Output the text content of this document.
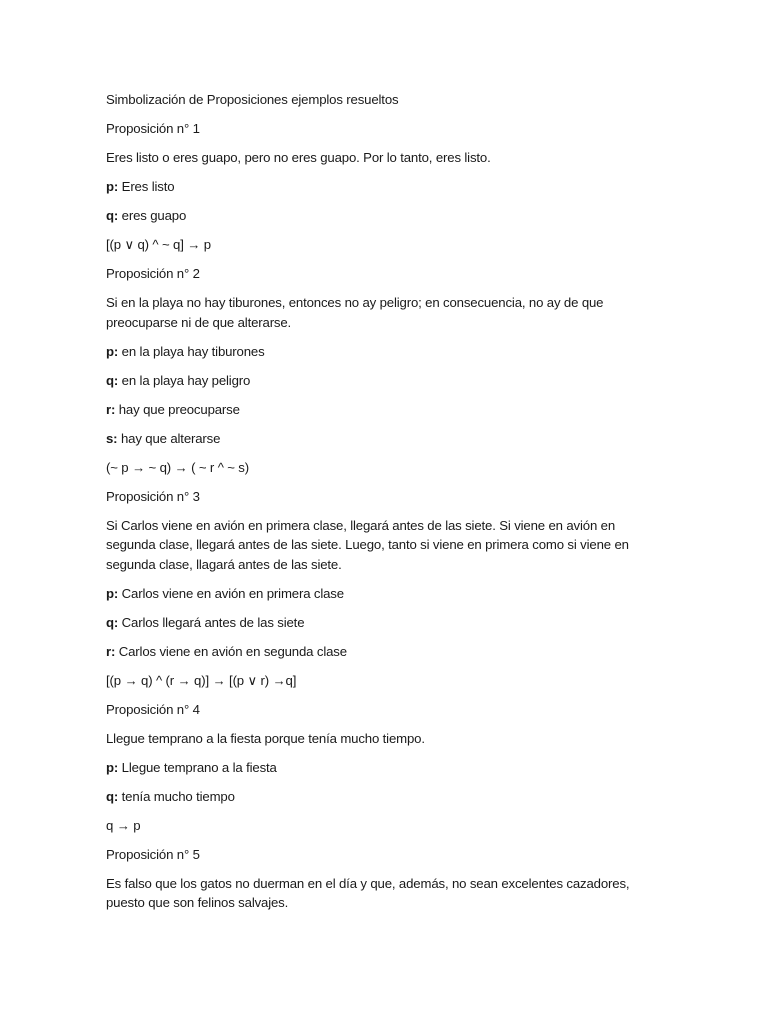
Simbolización de Proposiciones ejemplos resueltos

Proposición n° 1

Eres listo o eres guapo, pero no eres guapo. Por lo tanto, eres listo.

p: Eres listo

q: eres guapo

[(p ∨ q) ^ ~ q] → p

Proposición n° 2

Si en la playa no hay tiburones, entonces no ay peligro; en consecuencia, no ay de que preocuparse ni de que alterarse.

p: en la playa hay tiburones

q: en la playa hay peligro

r: hay que preocuparse

s: hay que alterarse

(~ p → ~ q) → ( ~ r ^ ~ s)

Proposición n° 3

Si Carlos viene en avión en primera clase, llegará antes de las siete. Si viene en avión en segunda clase, llegará antes de las siete. Luego, tanto si viene en primera como si viene en segunda clase, llagará antes de las siete.

p: Carlos viene en avión en primera clase

q: Carlos llegará antes de las siete

r: Carlos viene en avión en segunda clase

[(p → q) ^ (r → q)] → [(p ∨ r) →q]

Proposición n° 4

Llegue temprano a la fiesta porque tenía mucho tiempo.

p: Llegue temprano a la fiesta

q: tenía mucho tiempo

q → p

Proposición n° 5

Es falso que los gatos no duerman en el día y que, además, no sean excelentes cazadores, puesto que son felinos salvajes.
